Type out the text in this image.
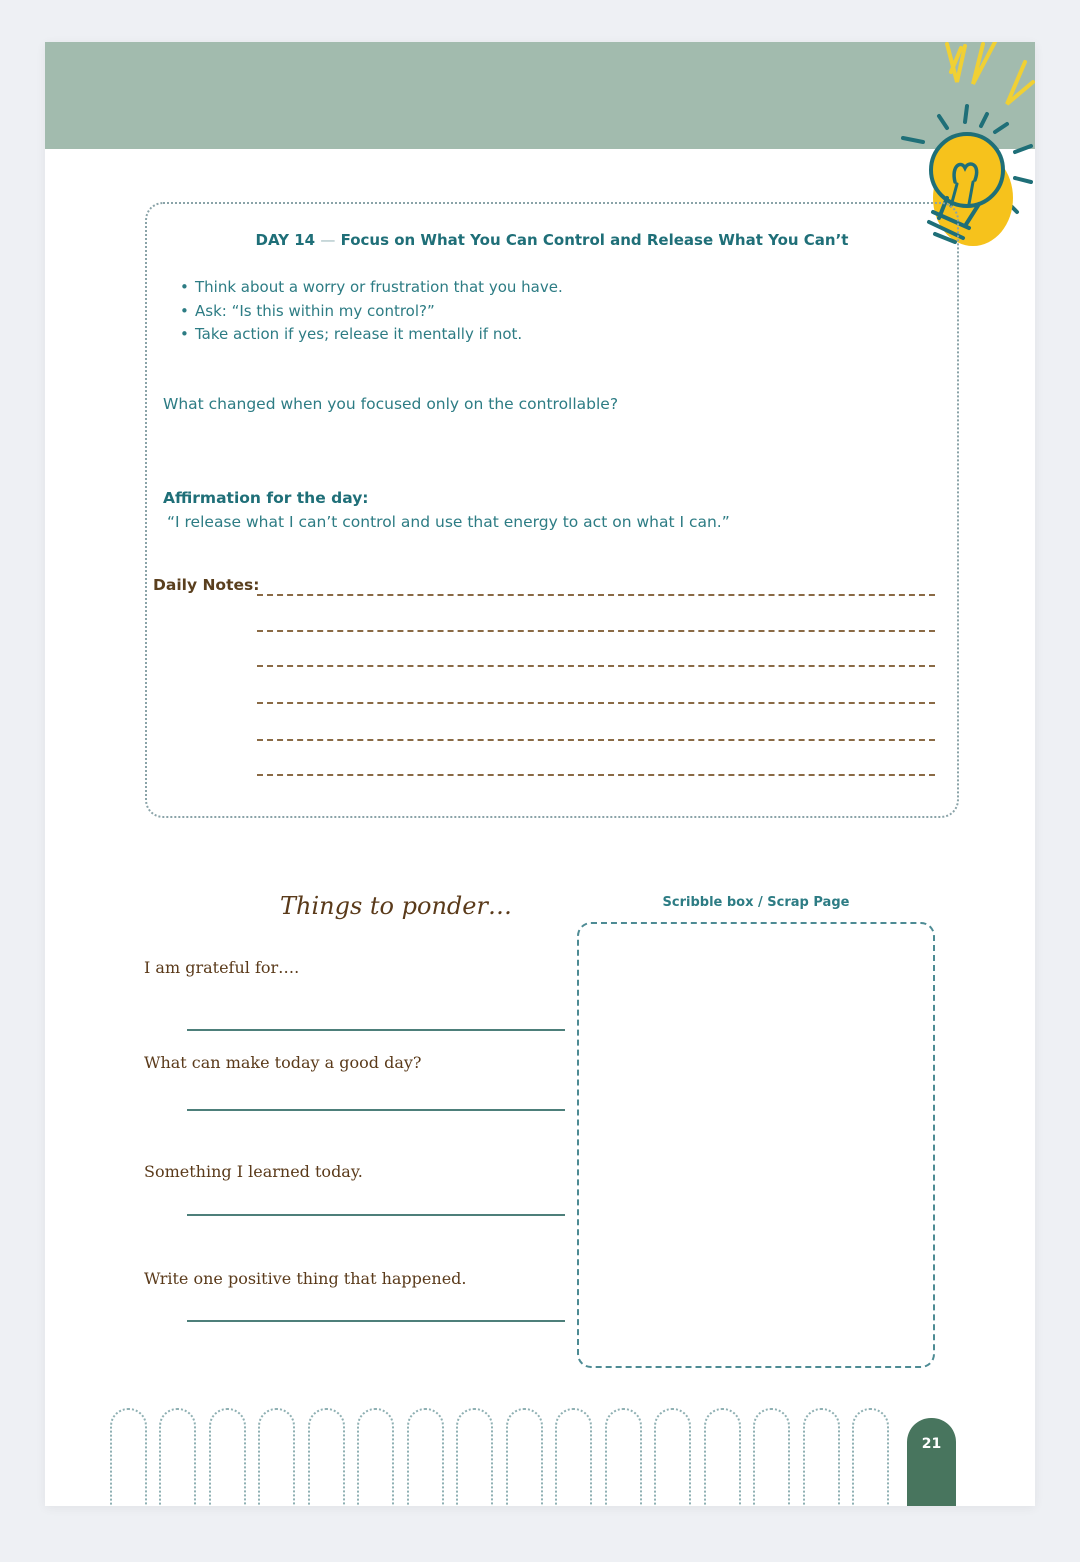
DAY 14 — Focus on What You Can Control and Release What You Can’t
• Think about a worry or frustration that you have.
• Ask: “Is this within my control?”
• Take action if yes; release it mentally if not.
What changed when you focused only on the controllable?
Affirmation for the day:
“I release what I can’t control and use that energy to act on what I can.”
Daily Notes:
Things to ponder…
I am grateful for….
What can make today a good day?
Something I learned today.
Write one positive thing that happened.
Scribble box / Scrap Page
21
